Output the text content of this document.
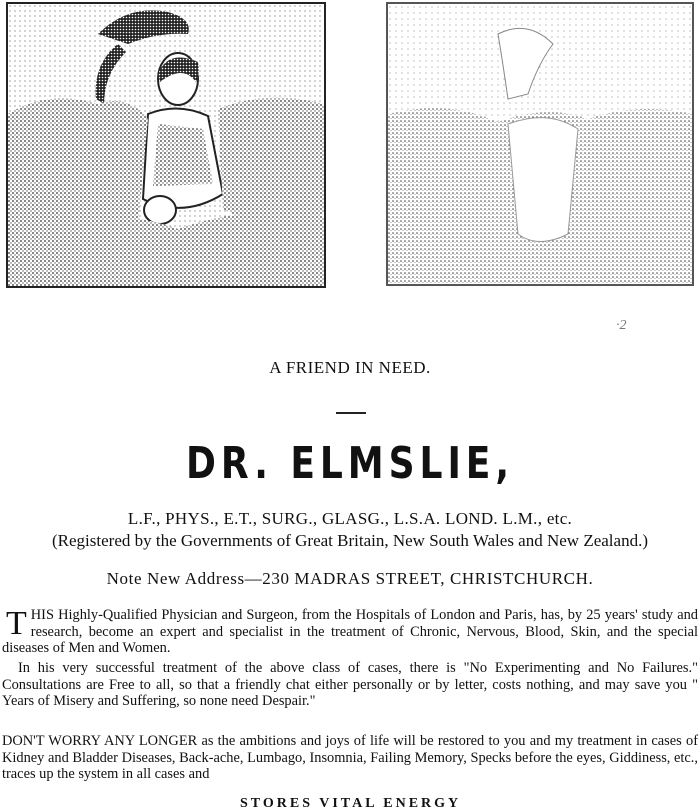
·2
A FRIEND IN NEED.
DR. ELMSLIE,
L.F., PHYS., E.T., SURG., GLASG., L.S.A. LOND. L.M., etc.
(Registered by the Governments of Great Britain, New South Wales and New Zealand.)
Note New Address—230 MADRAS STREET, CHRISTCHURCH.
THIS Highly-Qualified Physician and Surgeon, from the Hospitals of London and Paris, has, by 25 years' study and research, become an expert and specialist in the treatment of Chronic, Nervous, Blood, Skin, and the special diseases of Men and Women.
In his very successful treatment of the above class of cases, there is "No Experimenting and No Failures." Consultations are Free to all, so that a friendly chat either personally or by letter, costs nothing, and may save you " Years of Misery and Suffering, so none need Despair."
DON'T WORRY ANY LONGER as the ambitions and joys of life will be restored to you and my treatment in cases of Kidney and Bladder Diseases, Back-ache, Lumbago, Insomnia, Failing Memory, Specks before the eyes, Giddiness, etc., traces up the system in all cases and
STORES VITAL ENERGY
